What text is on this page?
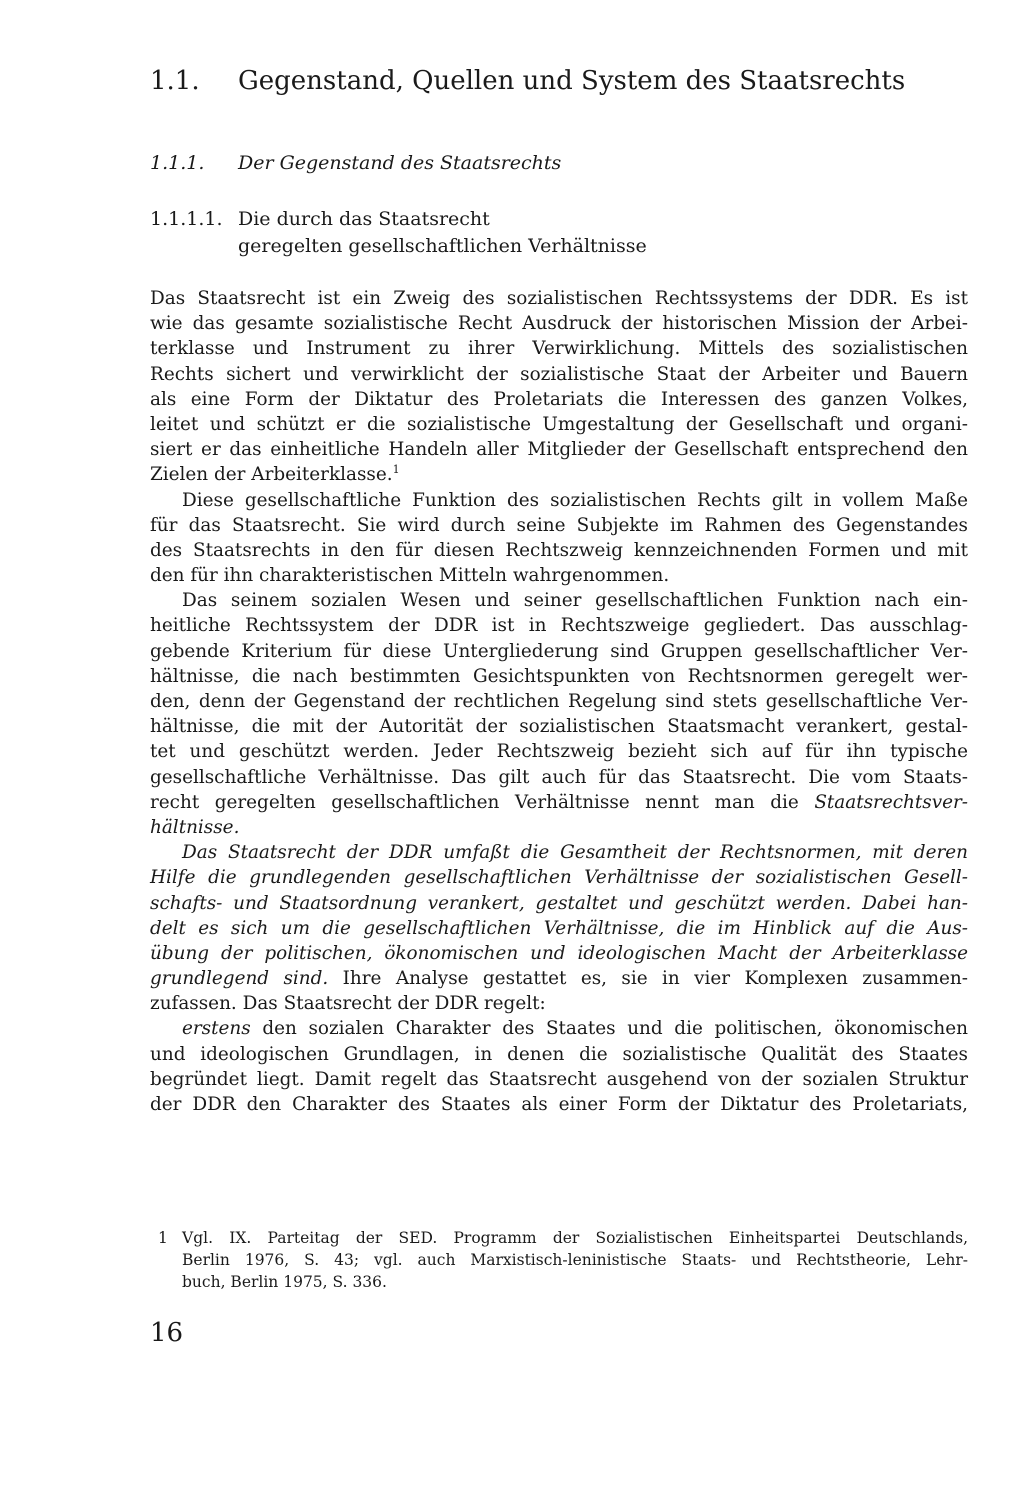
1.1. Gegenstand, Quellen und System des Staatsrechts
1.1.1. Der Gegenstand des Staatsrechts
1.1.1.1. Die durch das Staatsrecht
geregelten gesellschaftlichen Verhältnisse
Das Staatsrecht ist ein Zweig des sozialistischen Rechtssystems der DDR. Es ist
wie das gesamte sozialistische Recht Ausdruck der historischen Mission der Arbei-
terklasse und Instrument zu ihrer Verwirklichung. Mittels des sozialistischen
Rechts sichert und verwirklicht der sozialistische Staat der Arbeiter und Bauern
als eine Form der Diktatur des Proletariats die Interessen des ganzen Volkes,
leitet und schützt er die sozialistische Umgestaltung der Gesellschaft und organi-
siert er das einheitliche Handeln aller Mitglieder der Gesellschaft entsprechend den
Zielen der Arbeiterklasse.$^1$
Diese gesellschaftliche Funktion des sozialistischen Rechts gilt in vollem Maße
für das Staatsrecht. Sie wird durch seine Subjekte im Rahmen des Gegenstandes
des Staatsrechts in den für diesen Rechtszweig kennzeichnenden Formen und mit
den für ihn charakteristischen Mitteln wahrgenommen.
Das seinem sozialen Wesen und seiner gesellschaftlichen Funktion nach ein-
heitliche Rechtssystem der DDR ist in Rechtszweige gegliedert. Das ausschlag-
gebende Kriterium für diese Untergliederung sind Gruppen gesellschaftlicher Ver-
hältnisse, die nach bestimmten Gesichtspunkten von Rechtsnormen geregelt wer-
den, denn der Gegenstand der rechtlichen Regelung sind stets gesellschaftliche Ver-
hältnisse, die mit der Autorität der sozialistischen Staatsmacht verankert, gestal-
tet und geschützt werden. Jeder Rechtszweig bezieht sich auf für ihn typische
gesellschaftliche Verhältnisse. Das gilt auch für das Staatsrecht. Die vom Staats-
recht geregelten gesellschaftlichen Verhältnisse nennt man die Staatsrechtsver-
hältnisse.
Das Staatsrecht der DDR umfaßt die Gesamtheit der Rechtsnormen, mit deren
Hilfe die grundlegenden gesellschaftlichen Verhältnisse der sozialistischen Gesell-
schafts- und Staatsordnung verankert, gestaltet und geschützt werden. Dabei han-
delt es sich um die gesellschaftlichen Verhältnisse, die im Hinblick auf die Aus-
übung der politischen, ökonomischen und ideologischen Macht der Arbeiterklasse
grundlegend sind. Ihre Analyse gestattet es, sie in vier Komplexen zusammen-
zufassen. Das Staatsrecht der DDR regelt:
erstens den sozialen Charakter des Staates und die politischen, ökonomischen
und ideologischen Grundlagen, in denen die sozialistische Qualität des Staates
begründet liegt. Damit regelt das Staatsrecht ausgehend von der sozialen Struktur
der DDR den Charakter des Staates als einer Form der Diktatur des Proletariats,
1 Vgl. IX. Parteitag der SED. Programm der Sozialistischen Einheitspartei Deutschlands,
Berlin 1976, S. 43; vgl. auch Marxistisch-leninistische Staats- und Rechtstheorie, Lehr-
buch, Berlin 1975, S. 336.
16
